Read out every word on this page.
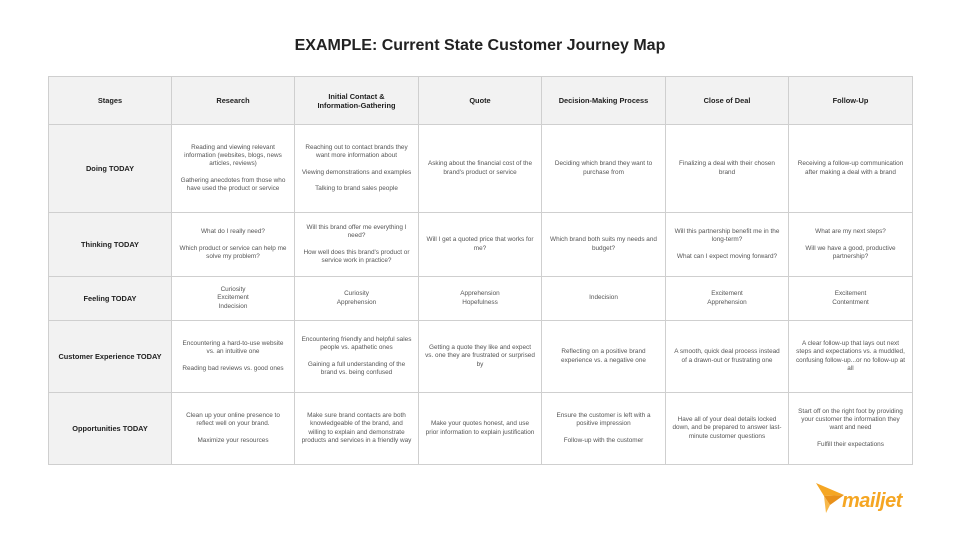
EXAMPLE: Current State Customer Journey Map
Stages	Research	Initial Contact &
Information-Gathering	Quote	Decision-Making Process	Close of Deal	Follow-Up
Doing TODAY	Reading and viewing relevant information (websites, blogs, news articles, reviews)

Gathering anecdotes from those who have used the product or service	Reaching out to contact brands they want more information about

Viewing demonstrations and examples

Talking to brand sales people	Asking about the financial cost of the brand's product or service	Deciding which brand they want to purchase from	Finalizing a deal with their chosen brand	Receiving a follow-up communication after making a deal with a brand
Thinking TODAY	What do I really need?

Which product or service can help me solve my problem?	Will this brand offer me everything I need?

How well does this brand's product or service work in practice?	Will I get a quoted price that works for me?	Which brand both suits my needs and budget?	Will this partnership benefit me in the long-term?

What can I expect moving forward?	What are my next steps?

Will we have a good, productive partnership?
Feeling TODAY	Curiosity
Excitement
Indecision	Curiosity
Apprehension	Apprehension
Hopefulness	Indecision	Excitement
Apprehension	Excitement
Contentment
Customer Experience TODAY	Encountering a hard-to-use website vs. an intuitive one

Reading bad reviews vs. good ones	Encountering friendly and helpful sales people vs. apathetic ones

Gaining a full understanding of the brand vs. being confused	Getting a quote they like and expect vs. one they are frustrated or surprised by	Reflecting on a positive brand experience vs. a negative one	A smooth, quick deal process instead of a drawn-out or frustrating one	A clear follow-up that lays out next steps and expectations vs. a muddled, confusing follow-up...or no follow-up at all
Opportunities TODAY	Clean up your online presence to reflect well on your brand.

Maximize your resources	Make sure brand contacts are both knowledgeable of the brand, and willing to explain and demonstrate products and services in a friendly way	Make your quotes honest, and use prior information to explain justification	Ensure the customer is left with a positive impression

Follow-up with the customer	Have all of your deal details locked down, and be prepared to answer last-minute customer questions	Start off on the right foot by providing your customer the information they want and need

Fulfill their expectations
mailjet
